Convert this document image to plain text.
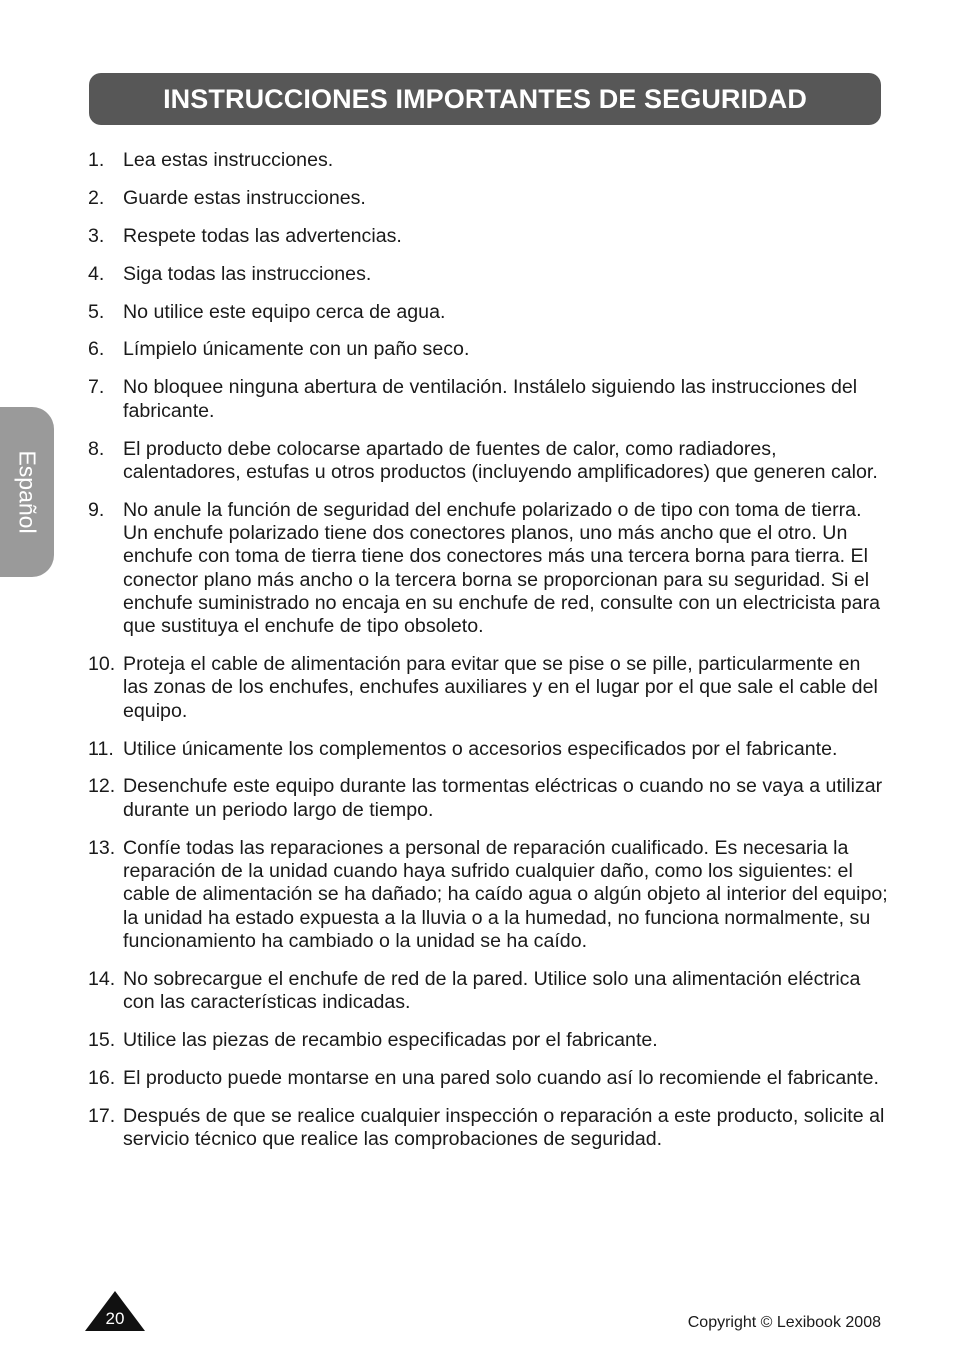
INSTRUCCIONES IMPORTANTES DE SEGURIDAD
Español
1. Lea estas instrucciones.
2. Guarde estas instrucciones.
3. Respete todas las advertencias.
4. Siga todas las instrucciones.
5. No utilice este equipo cerca de agua.
6. Límpielo únicamente con un paño seco.
7. No bloquee ninguna abertura de ventilación. Instálelo siguiendo las instrucciones del fabricante.
8. El producto debe colocarse apartado de fuentes de calor, como radiadores, calentadores, estufas u otros productos (incluyendo amplificadores) que generen calor.
9. No anule la función de seguridad del enchufe polarizado o de tipo con toma de tierra. Un enchufe polarizado tiene dos conectores planos, uno más ancho que el otro. Un enchufe con toma de tierra tiene dos conectores más una tercera borna para tierra. El conector plano más ancho o la tercera borna se proporcionan para su seguridad. Si el enchufe suministrado no encaja en su enchufe de red, consulte con un electricista para que sustituya el enchufe de tipo obsoleto.
10. Proteja el cable de alimentación para evitar que se pise o se pille, particularmente en las zonas de los enchufes, enchufes auxiliares y en el lugar por el que sale el cable del equipo.
11. Utilice únicamente los complementos o accesorios especificados por el fabricante.
12. Desenchufe este equipo durante las tormentas eléctricas o cuando no se vaya a utilizar durante un periodo largo de tiempo.
13. Confíe todas las reparaciones a personal de reparación cualificado. Es necesaria la reparación de la unidad cuando haya sufrido cualquier daño, como los siguientes: el cable de alimentación se ha dañado; ha caído agua o algún objeto al interior del equipo; la unidad ha estado expuesta a la lluvia o a la humedad, no funciona normalmente, su funcionamiento ha cambiado o la unidad se ha caído.
14. No sobrecargue el enchufe de red de la pared. Utilice solo una alimentación eléctrica con las características indicadas.
15. Utilice las piezas de recambio especificadas por el fabricante.
16. El producto puede montarse en una pared solo cuando así lo recomiende el fabricante.
17. Después de que se realice cualquier inspección o reparación a este producto, solicite al servicio técnico que realice las comprobaciones de seguridad.
20	Copyright © Lexibook 2008
